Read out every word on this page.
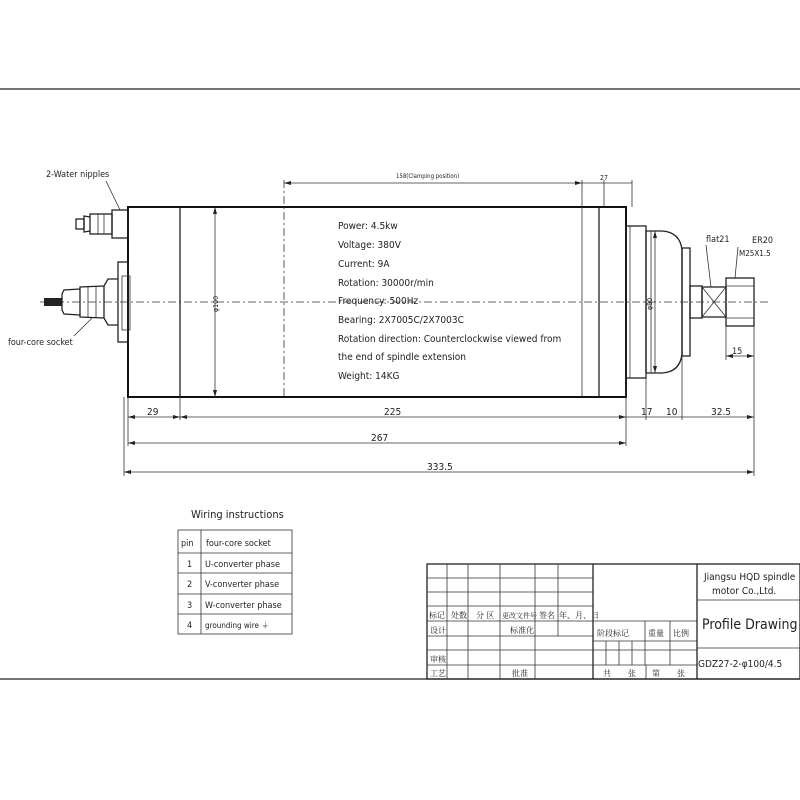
2-Water nipples
four-core socket
158(Clamping position)	27
φ100	φ80
flat21 ER20
M25X1.5
Power: 4.5kw
Voltage: 380V
Current: 9A
Rotation: 30000r/min
Frequency: 500Hz
Bearing: 2X7005C/2X7003C
Rotation direction: Counterclockwise viewed from
the end of spindle extension
Weight: 14KG
29	225	17 10	32.5
15
267
333.5
Wiring instructions
pin four-core socket
1 U-converter phase
2 V-converter phase
3 W-converter phase
4 grounding wire ⏚
Jiangsu HQD spindle
motor Co.,Ltd.
Profile Drawing
GDZ27-2-φ100/4.5
标记 处数 分 区 更改文件号 签名 年、月、日
设计	标准化	阶段标记 重量 比例
审核
工艺	批准	共 张 第 张
